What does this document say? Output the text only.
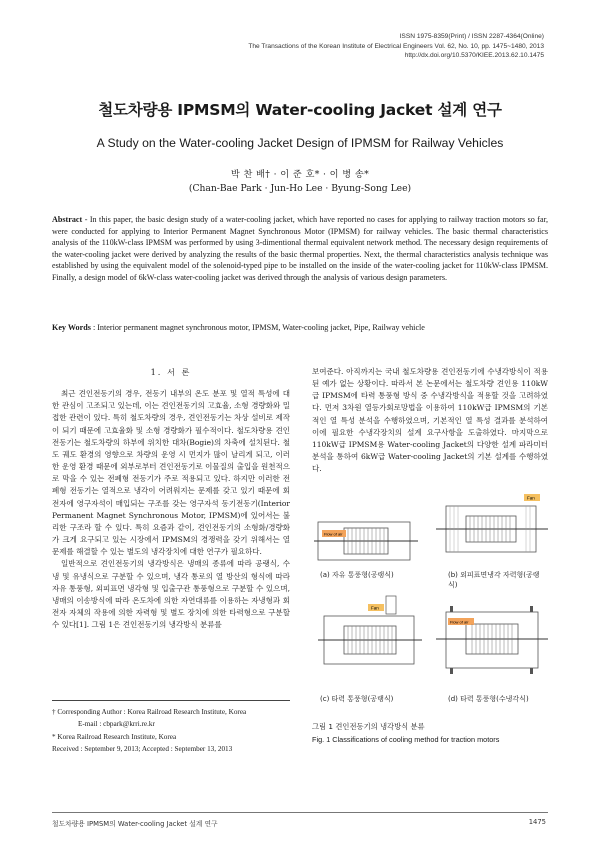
ISSN 1975-8359(Print) / ISSN 2287-4364(Online)
The Transactions of the Korean Institute of Electrical Engineers Vol. 62, No. 10, pp. 1475~1480, 2013
http://dx.doi.org/10.5370/KIEE.2013.62.10.1475
철도차량용 IPMSM의 Water-cooling Jacket 설계 연구
A Study on the Water-cooling Jacket Design of IPMSM for Railway Vehicles
박 찬 배† · 이 준 호* · 이 병 송*
(Chan-Bae Park · Jun-Ho Lee · Byung-Song Lee)
Abstract - In this paper, the basic design study of a water-cooling jacket, which have reported no cases for applying to railway traction motors so far, were conducted for applying to Interior Permanent Magnet Synchronous Motor (IPMSM) for railway vehicles. The basic thermal characteristics analysis of the 110kW-class IPMSM was performed by using 3-dimentional thermal equivalent network method. The necessary design requirements of the water-cooling jacket were derived by analyzing the results of the basic thermal properties. Next, the thermal characteristics analysis technique was established by using the equivalent model of the solenoid-typed pipe to be installed on the inside of the water-cooling jacket for 110kW-class IPMSM. Finally, a design model of 6kW-class water-cooling jacket was derived through the analysis of various design parameters.
Key Words : Interior permanent magnet synchronous motor, IPMSM, Water-cooling jacket, Pipe, Railway vehicle
1. 서 론

최근 견인전동기의 경우, 전동기 내부의 온도 분포 및 열적 특성에 대한 관심이 고조되고 있는데, 이는 견인전동기의 고효율, 소형 경량화와 밀접한 관련이 있다. 특히 철도차량의 경우, 견인전동기는 차상 설비로 제작이 되기 때문에 고효율화 및 소형 경량화가 필수적이다. 철도차량용 견인전동기는 철도차량의 하부에 위치한 대차(Bogie)의 차축에 설치된다. 철도 궤도 환경의 영향으로 차량의 운영 시 먼지가 많이 날리게 되고, 이러한 운영 환경 때문에 외부로부터 견인전동기로 이물질의 출입을 원천적으로 막을 수 있는 전폐형 전동기가 주로 적용되고 있다. 하지만 이러한 전폐형 전동기는 열적으로 냉각이 어려워지는 문제를 갖고 있기 때문에 회전자에 영구자석이 매입되는 구조를 갖는 영구자석 동기전동기(Interior Permanent Magnet Synchronous Motor, IPMSM)에 있어서는 불리한 구조라 할 수 있다. 특히 요즘과 같이, 견인전동기의 소형화/경량화가 크게 요구되고 있는 시장에서 IPMSM의 경쟁력을 갖기 위해서는 열 문제를 해결할 수 있는 별도의 냉각장치에 대한 연구가 필요하다.

일반적으로 견인전동기의 냉각방식은 냉매의 종류에 따라 공랭식, 수냉 및 유냉식으로 구분할 수 있으며, 냉각 통로의 열 방산의 형식에 따라 자유 통풍형, 외피표면 냉각형 및 입출구관 통풍형으로 구분할 수 있으며, 냉매의 이송방식에 따라 온도차에 의한 자연대류를 이용하는 자냉형과 회전자 자체의 작용에 의한 자력형 및 별도 장치에 의한 타력형으로 구분할 수 있다[1]. 그림 1은 견인전동기의 냉각방식 분류를

† Corresponding Author : Korea Railroad Research Institute, Korea
E-mail : cbpark@krri.re.kr
* Korea Railroad Research Institute, Korea
Received : September 9, 2013; Accepted : September 13, 2013

보여준다. 아직까지는 국내 철도차량용 견인전동기에 수냉각방식이 적용된 예가 없는 상황이다. 따라서 본 논문에서는 철도차량 견인용 110kW급 IPMSM에 타력 통풍형 방식 중 수냉각방식을 적용할 것을 고려하였다. 먼저 3차원 열등가회로망법을 이용하여 110kW급 IPMSM의 기본적인 열 특성 분석을 수행하였으며, 기본적인 열 특성 결과를 분석하여 이에 필요한 수냉각장치의 설계 요구사항을 도출하였다. 마지막으로 110kW급 IPMSM용 Water-cooling Jacket의 다양한 설계 파라미터 분석을 통하여 6kW급 Water-cooling Jacket의 기본 설계를 수행하였다.

Flow of air
(a) 자유 통풍형(공랭식)
Fan
(b) 외피표면냉각 자력형(공랭식)
Fan
(c) 타력 통풍형(공랭식)
Flow of air
(d) 타력 통풍형(수냉각식)
그림 1 견인전동기의 냉각방식 분류
Fig. 1 Classifications of cooling method for traction motors
철도차량용 IPMSM의 Water-cooling Jacket 설계 연구	1475
